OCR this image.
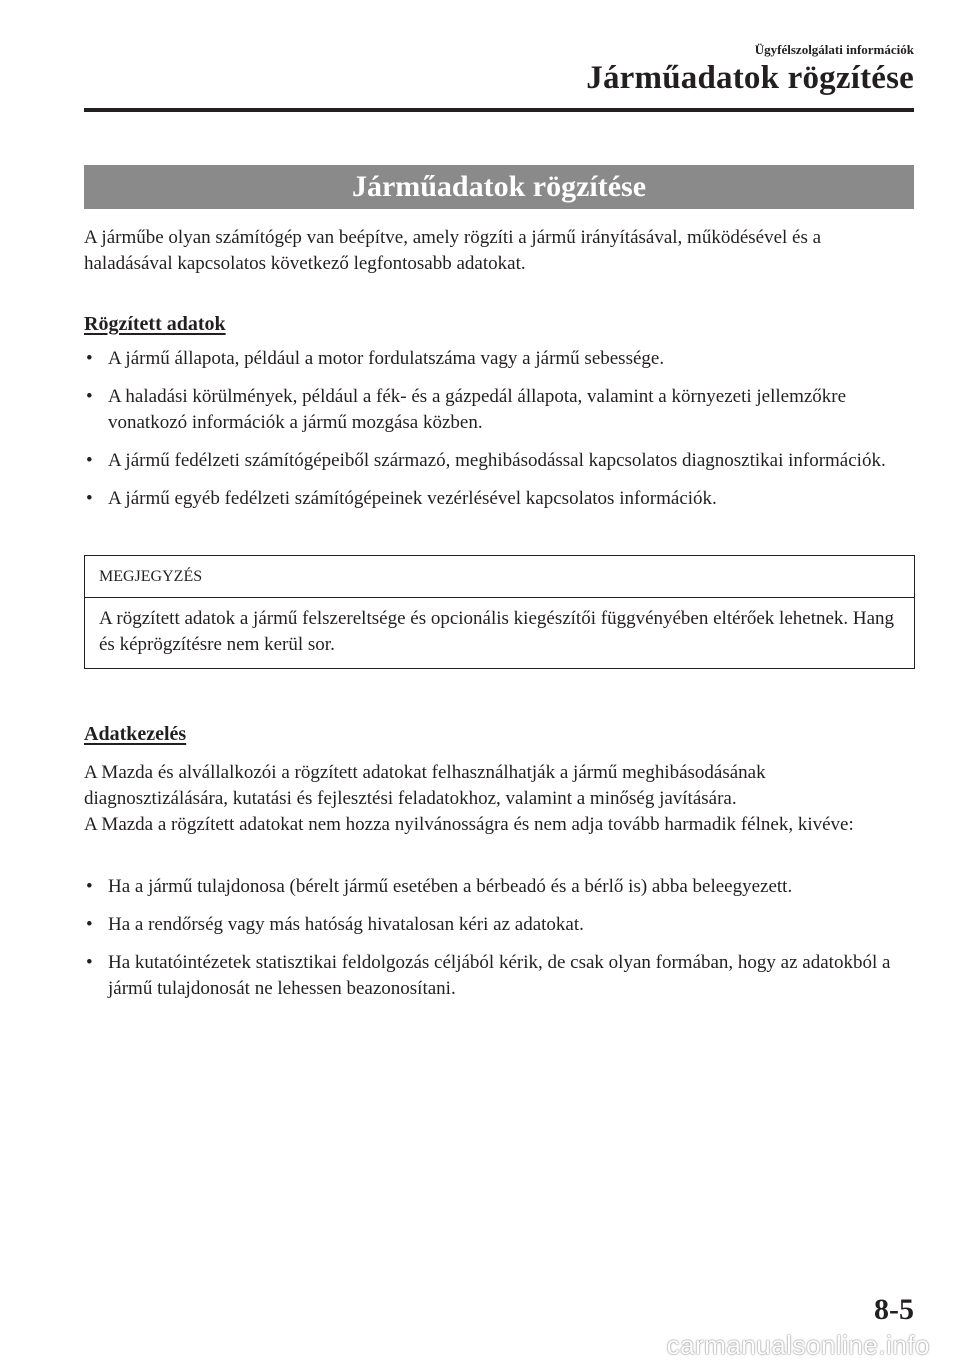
Ügyfélszolgálati információk
Járműadatok rögzítése
Járműadatok rögzítése

A járműbe olyan számítógép van beépítve, amely rögzíti a jármű irányításával, működésével és a haladásával kapcsolatos következő legfontosabb adatokat.

Rögzített adatok
• A jármű állapota, például a motor fordulatszáma vagy a jármű sebessége.
• A haladási körülmények, például a fék- és a gázpedál állapota, valamint a környezeti jellemzőkre vonatkozó információk a jármű mozgása közben.
• A jármű fedélzeti számítógépeiből származó, meghibásodással kapcsolatos diagnosztikai információk.
• A jármű egyéb fedélzeti számítógépeinek vezérlésével kapcsolatos információk.
MEGJEGYZÉS
A rögzített adatok a jármű felszereltsége és opcionális kiegészítői függvényében eltérőek lehetnek. Hang és képrögzítésre nem kerül sor.
Adatkezelés
A Mazda és alvállalkozói a rögzített adatokat felhasználhatják a jármű meghibásodásának diagnosztizálására, kutatási és fejlesztési feladatokhoz, valamint a minőség javítására.
A Mazda a rögzített adatokat nem hozza nyilvánosságra és nem adja tovább harmadik félnek, kivéve:
• Ha a jármű tulajdonosa (bérelt jármű esetében a bérbeadó és a bérlő is) abba beleegyezett.
• Ha a rendőrség vagy más hatóság hivatalosan kéri az adatokat.
• Ha kutatóintézetek statisztikai feldolgozás céljából kérik, de csak olyan formában, hogy az adatokból a jármű tulajdonosát ne lehessen beazonosítani.
8-5
carmanualsonline.info
